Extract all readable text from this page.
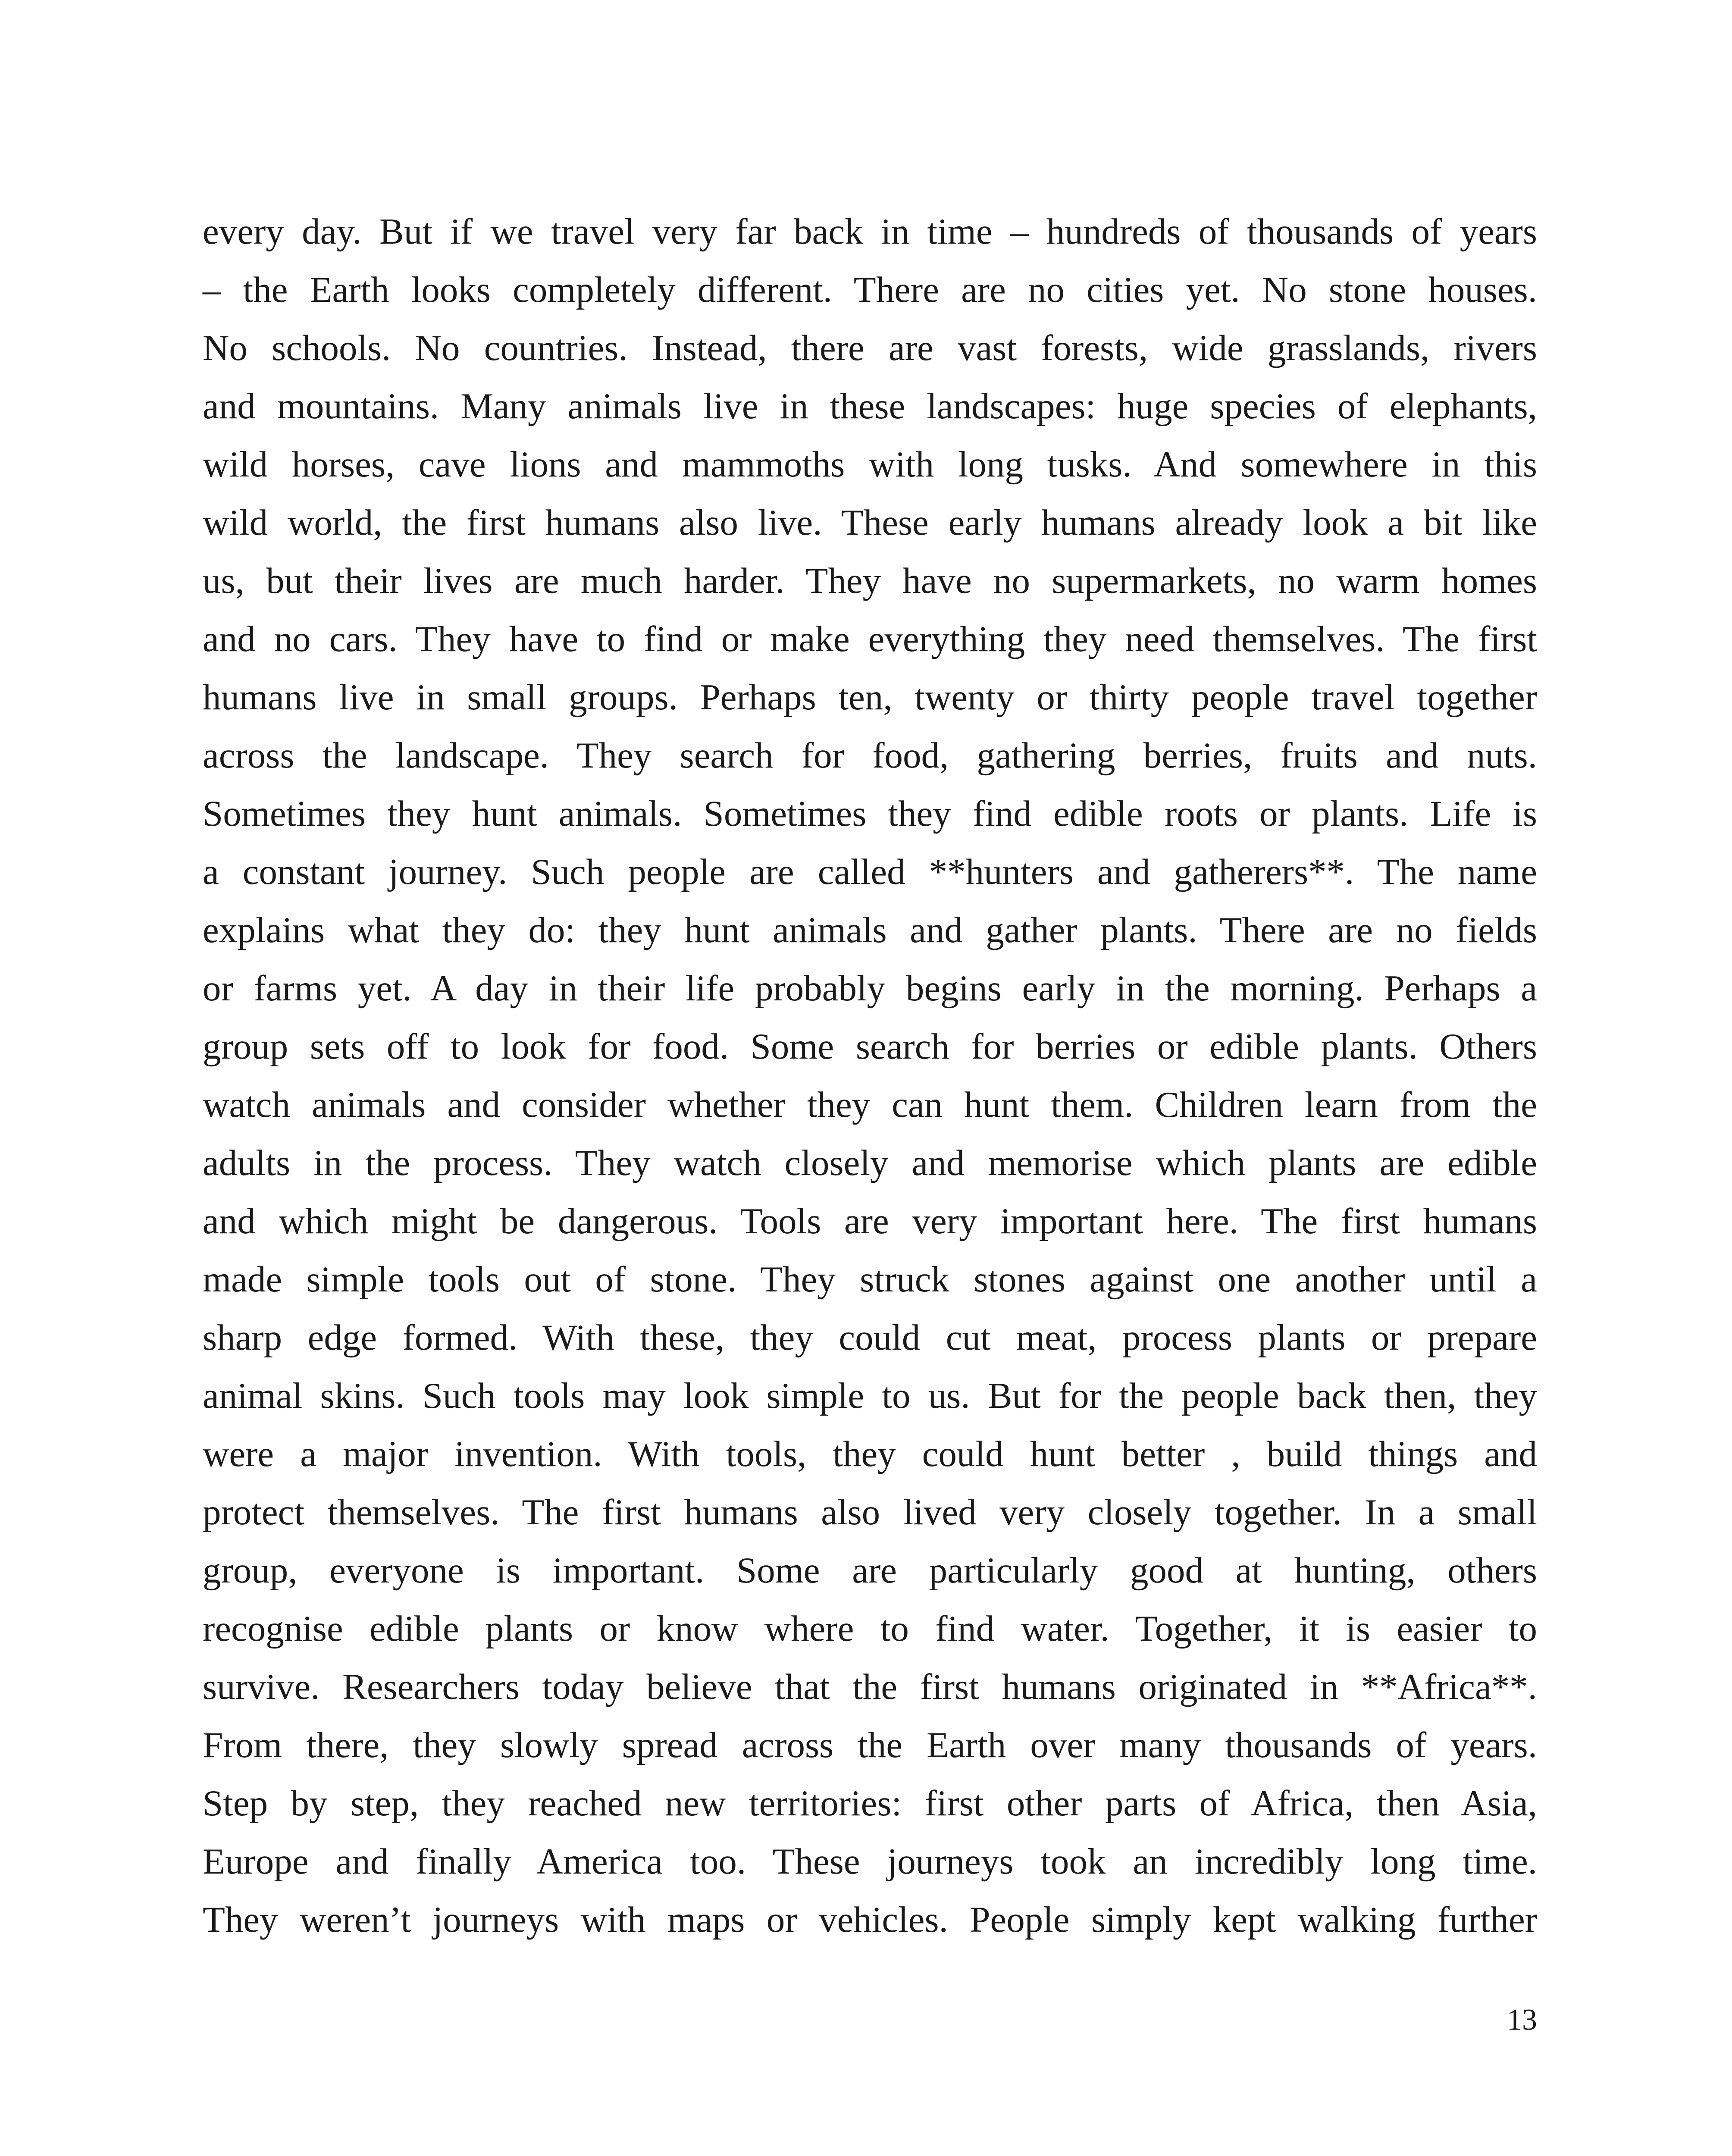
every day. But if we travel very far back in time – hundreds of thousands of years
– the Earth looks completely different. There are no cities yet. No stone houses.
No schools. No countries. Instead, there are vast forests, wide grasslands, rivers
and mountains. Many animals live in these landscapes: huge species of elephants,
wild horses, cave lions and mammoths with long tusks. And somewhere in this
wild world, the first humans also live. These early humans already look a bit like
us, but their lives are much harder. They have no supermarkets, no warm homes
and no cars. They have to find or make everything they need themselves. The first
humans live in small groups. Perhaps ten, twenty or thirty people travel together
across the landscape. They search for food, gathering berries, fruits and nuts.
Sometimes they hunt animals. Sometimes they find edible roots or plants. Life is
a constant journey. Such people are called **hunters and gatherers**. The name
explains what they do: they hunt animals and gather plants. There are no fields
or farms yet. A day in their life probably begins early in the morning. Perhaps a
group sets off to look for food. Some search for berries or edible plants. Others
watch animals and consider whether they can hunt them. Children learn from the
adults in the process. They watch closely and memorise which plants are edible
and which might be dangerous. Tools are very important here. The first humans
made simple tools out of stone. They struck stones against one another until a
sharp edge formed. With these, they could cut meat, process plants or prepare
animal skins. Such tools may look simple to us. But for the people back then, they
were a major invention. With tools, they could hunt better , build things and
protect themselves. The first humans also lived very closely together. In a small
group, everyone is important. Some are particularly good at hunting, others
recognise edible plants or know where to find water. Together, it is easier to
survive. Researchers today believe that the first humans originated in **Africa**.
From there, they slowly spread across the Earth over many thousands of years.
Step by step, they reached new territories: first other parts of Africa, then Asia,
Europe and finally America too. These journeys took an incredibly long time.
They weren’t journeys with maps or vehicles. People simply kept walking further
13
